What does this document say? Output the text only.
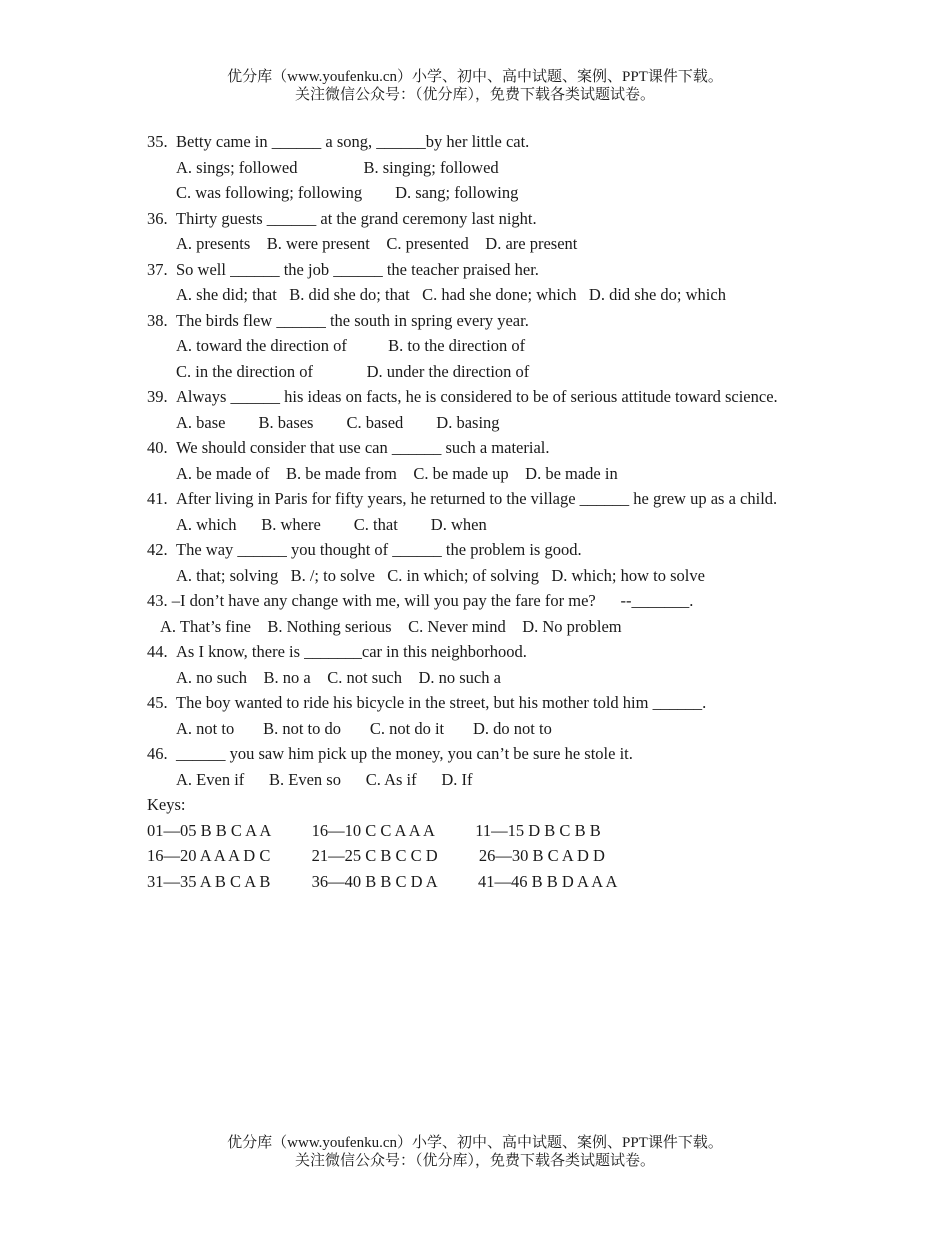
优分库（www.youfenku.cn）小学、初中、高中试题、案例、PPT课件下载。
关注微信公众号：（优分库），免费下载各类试题试卷。
35. Betty came in ______ a song, ______by her little cat.
A. sings; followed                B. singing; followed
C. was following; following        D. sang; following
36. Thirty guests ______ at the grand ceremony last night.
A. presents    B. were present    C. presented    D. are present
37. So well ______ the job ______ the teacher praised her.
A. she did; that   B. did she do; that   C. had she done; which   D. did she do; which
38. The birds flew ______ the south in spring every year.
A. toward the direction of          B. to the direction of
C. in the direction of             D. under the direction of
39. Always ______ his ideas on facts, he is considered to be of serious attitude toward science.
A. base        B. bases        C. based        D. basing
40. We should consider that use can ______ such a material.
A. be made of    B. be made from    C. be made up    D. be made in
41. After living in Paris for fifty years, he returned to the village ______ he grew up as a child.
A. which      B. where        C. that        D. when
42. The way ______ you thought of ______ the problem is good.
A. that; solving   B. /; to solve   C. in which; of solving   D. which; how to solve
43. –I don’t have any change with me, will you pay the fare for me?      --_______.
A. That’s fine    B. Nothing serious    C. Never mind    D. No problem
44. As I know, there is _______car in this neighborhood.
A. no such    B. no a    C. not such    D. no such a
45. The boy wanted to ride his bicycle in the street, but his mother told him ______.
A. not to       B. not to do       C. not do it       D. do not to
46. ______ you saw him pick up the money, you can’t be sure he stole it.
A. Even if      B. Even so      C. As if      D. If
Keys:
01—05 B B C A A          16—10 C C A A A          11—15 D B C B B
16—20 A A A D C          21—25 C B C C D          26—30 B C A D D
31—35 A B C A B          36—40 B B C D A          41—46 B B D A A A
优分库（www.youfenku.cn）小学、初中、高中试题、案例、PPT课件下载。
关注微信公众号：（优分库），免费下载各类试题试卷。
